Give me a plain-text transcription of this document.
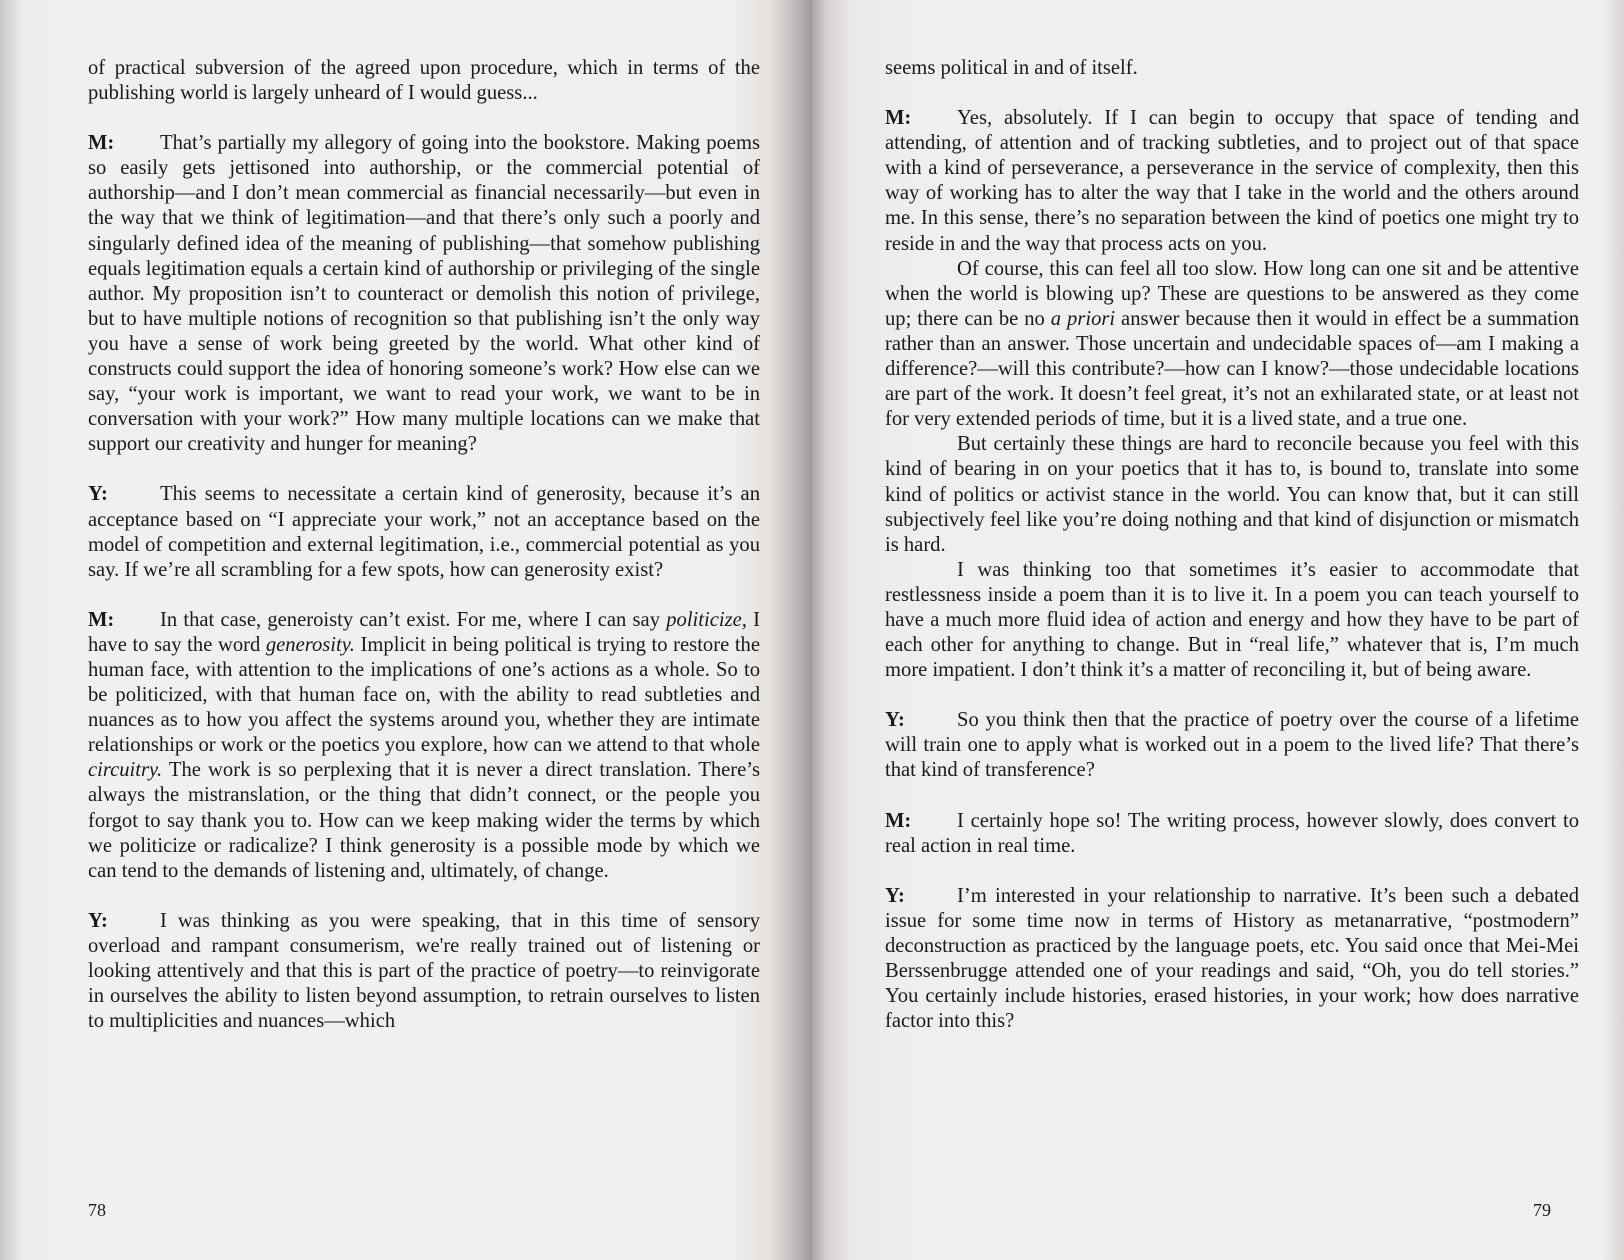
of practical subversion of the agreed upon procedure, which in terms of the publishing world is largely unheard of I would guess...

M: That’s partially my allegory of going into the bookstore. Making poems so easily gets jettisoned into authorship, or the commercial potential of authorship—and I don’t mean commercial as financial necessarily—but even in the way that we think of legitimation—and that there’s only such a poorly and singularly defined idea of the meaning of publishing—that somehow publishing equals legitimation equals a certain kind of authorship or privileging of the single author. My proposition isn’t to counteract or demolish this notion of privilege, but to have multiple notions of recognition so that publishing isn’t the only way you have a sense of work being greeted by the world. What other kind of constructs could support the idea of honoring someone’s work? How else can we say, “your work is important, we want to read your work, we want to be in conversation with your work?” How many multiple locations can we make that support our creativity and hunger for meaning?

Y:	This seems to necessitate a certain kind of generosity, because it’s an acceptance based on “I appreciate your work,” not an acceptance based on the model of competition and external legitimation, i.e., commercial potential as you say. If we’re all scrambling for a few spots, how can generosity exist?

M: In that case, generoisty can’t exist. For me, where I can say politicize, I have to say the word generosity. Implicit in being political is trying to restore the human face, with attention to the implications of one’s actions as a whole. So to be politicized, with that human face on, with the ability to read subtleties and nuances as to how you affect the systems around you, whether they are intimate relationships or work or the poetics you explore, how can we attend to that whole circuitry. The work is so perplexing that it is never a direct translation. There’s always the mistranslation, or the thing that didn’t connect, or the people you forgot to say thank you to. How can we keep making wider the terms by which we politicize or radicalize? I think generosity is a possible mode by which we can tend to the demands of listening and, ultimately, of change.

Y:	I was thinking as you were speaking, that in this time of sensory overload and rampant consumerism, we're really trained out of listening or looking attentively and that this is part of the practice of poetry—to reinvigorate in ourselves the ability to listen beyond assumption, to retrain ourselves to listen to multiplicities and nuances—which

78

seems political in and of itself.

M: Yes, absolutely. If I can begin to occupy that space of tending and attending, of attention and of tracking subtleties, and to project out of that space with a kind of perseverance, a perseverance in the service of complexity, then this way of working has to alter the way that I take in the world and the others around me. In this sense, there’s no separation between the kind of poetics one might try to reside in and the way that process acts on you.

Of course, this can feel all too slow. How long can one sit and be attentive when the world is blowing up? These are questions to be answered as they come up; there can be no a priori answer because then it would in effect be a summation rather than an answer. Those uncertain and undecidable spaces of—am I making a difference?—will this contribute?—how can I know?—those undecidable locations are part of the work. It doesn’t feel great, it’s not an exhilarated state, or at least not for very extended periods of time, but it is a lived state, and a true one.

But certainly these things are hard to reconcile because you feel with this kind of bearing in on your poetics that it has to, is bound to, translate into some kind of politics or activist stance in the world. You can know that, but it can still subjectively feel like you’re doing nothing and that kind of disjunction or mismatch is hard.

I was thinking too that sometimes it’s easier to accommodate that restlessness inside a poem than it is to live it. In a poem you can teach yourself to have a much more fluid idea of action and energy and how they have to be part of each other for anything to change. But in “real life,” whatever that is, I’m much more impatient. I don’t think it’s a matter of reconciling it, but of being aware.

Y:	So you think then that the practice of poetry over the course of a lifetime will train one to apply what is worked out in a poem to the lived life? That there’s that kind of transference?

M: I certainly hope so! The writing process, however slowly, does convert to real action in real time.

Y:	I’m interested in your relationship to narrative. It’s been such a debated issue for some time now in terms of History as metanarrative, “postmodern” deconstruction as practiced by the language poets, etc. You said once that Mei-Mei Berssenbrugge attended one of your readings and said, “Oh, you do tell stories.” You certainly include histories, erased histories, in your work; how does narrative factor into this?

79
